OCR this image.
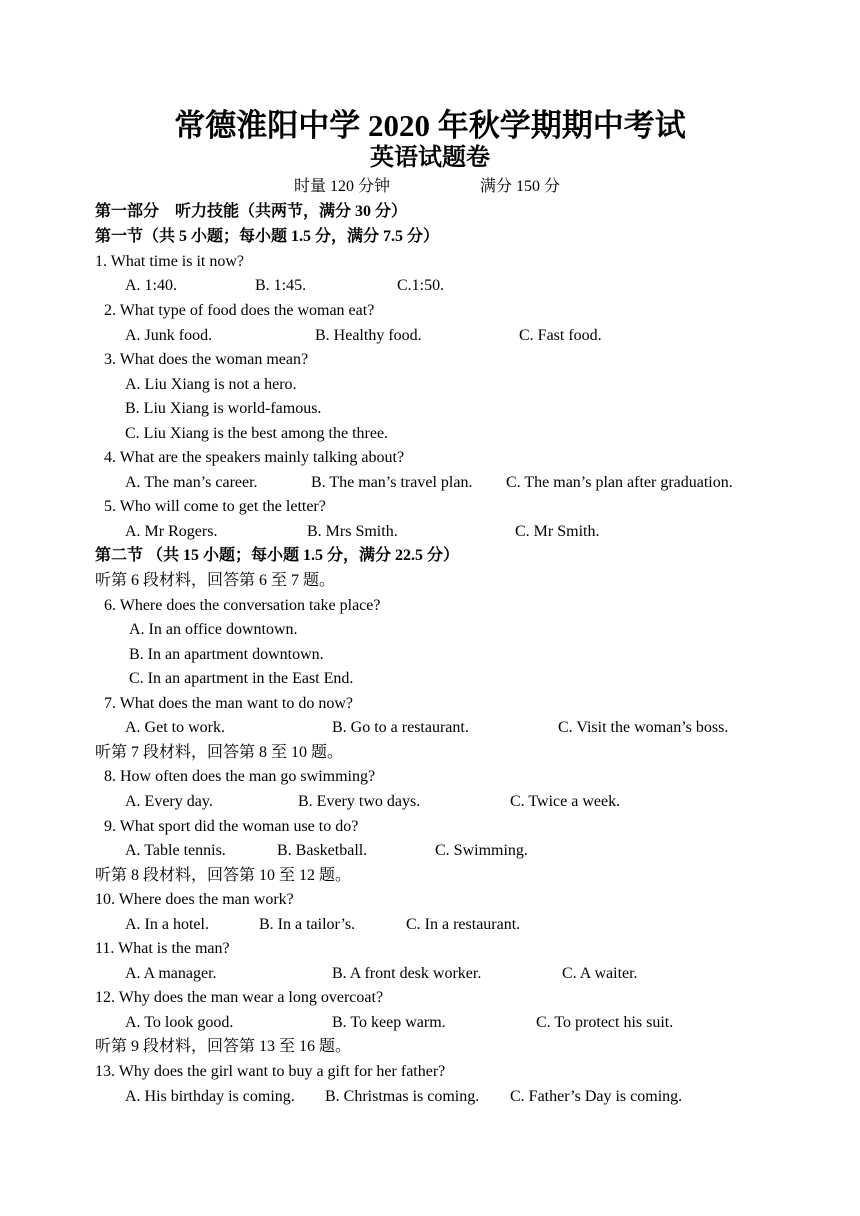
常德淮阳中学 2020 年秋学期期中考试
英语试题卷
时量 120 分钟	满分 150 分
第一部分　听力技能（共两节，满分 30 分）
第一节（共 5 小题；每小题 1.5 分，满分 7.5 分）
1. What time is it now?
A. 1:40.	B. 1:45.	C.1:50.
2. What type of food does the woman eat?
A. Junk food.	B. Healthy food.	C. Fast food.
3. What does the woman mean?
A. Liu Xiang is not a hero.
B. Liu Xiang is world-famous.
C. Liu Xiang is the best among the three.
4. What are the speakers mainly talking about?
A. The man’s career.	B. The man’s travel plan. C. The man’s plan after graduation.
5. Who will come to get the letter?
A. Mr Rogers.	B. Mrs Smith.	C. Mr Smith.
第二节 （共 15 小题；每小题 1.5 分，满分 22.5 分）
听第 6 段材料，回答第 6 至 7 题。
6. Where does the conversation take place?
A. In an office downtown.
B. In an apartment downtown.
C. In an apartment in the East End.
7. What does the man want to do now?
A. Get to work.	B. Go to a restaurant.	C. Visit the woman’s boss.
听第 7 段材料，回答第 8 至 10 题。
8. How often does the man go swimming?
A. Every day.	B. Every two days.	C. Twice a week.
9. What sport did the woman use to do?
A. Table tennis.	B. Basketball.	C. Swimming.
听第 8 段材料，回答第 10 至 12 题。
10. Where does the man work?
A. In a hotel.	B. In a tailor’s.	C. In a restaurant.
11. What is the man?
A. A manager.	B. A front desk worker.	C. A waiter.
12. Why does the man wear a long overcoat?
A. To look good.	B. To keep warm.	C. To protect his suit.
听第 9 段材料，回答第 13 至 16 题。
13. Why does the girl want to buy a gift for her father?
A. His birthday is coming. B. Christmas is coming. C. Father’s Day is coming.
